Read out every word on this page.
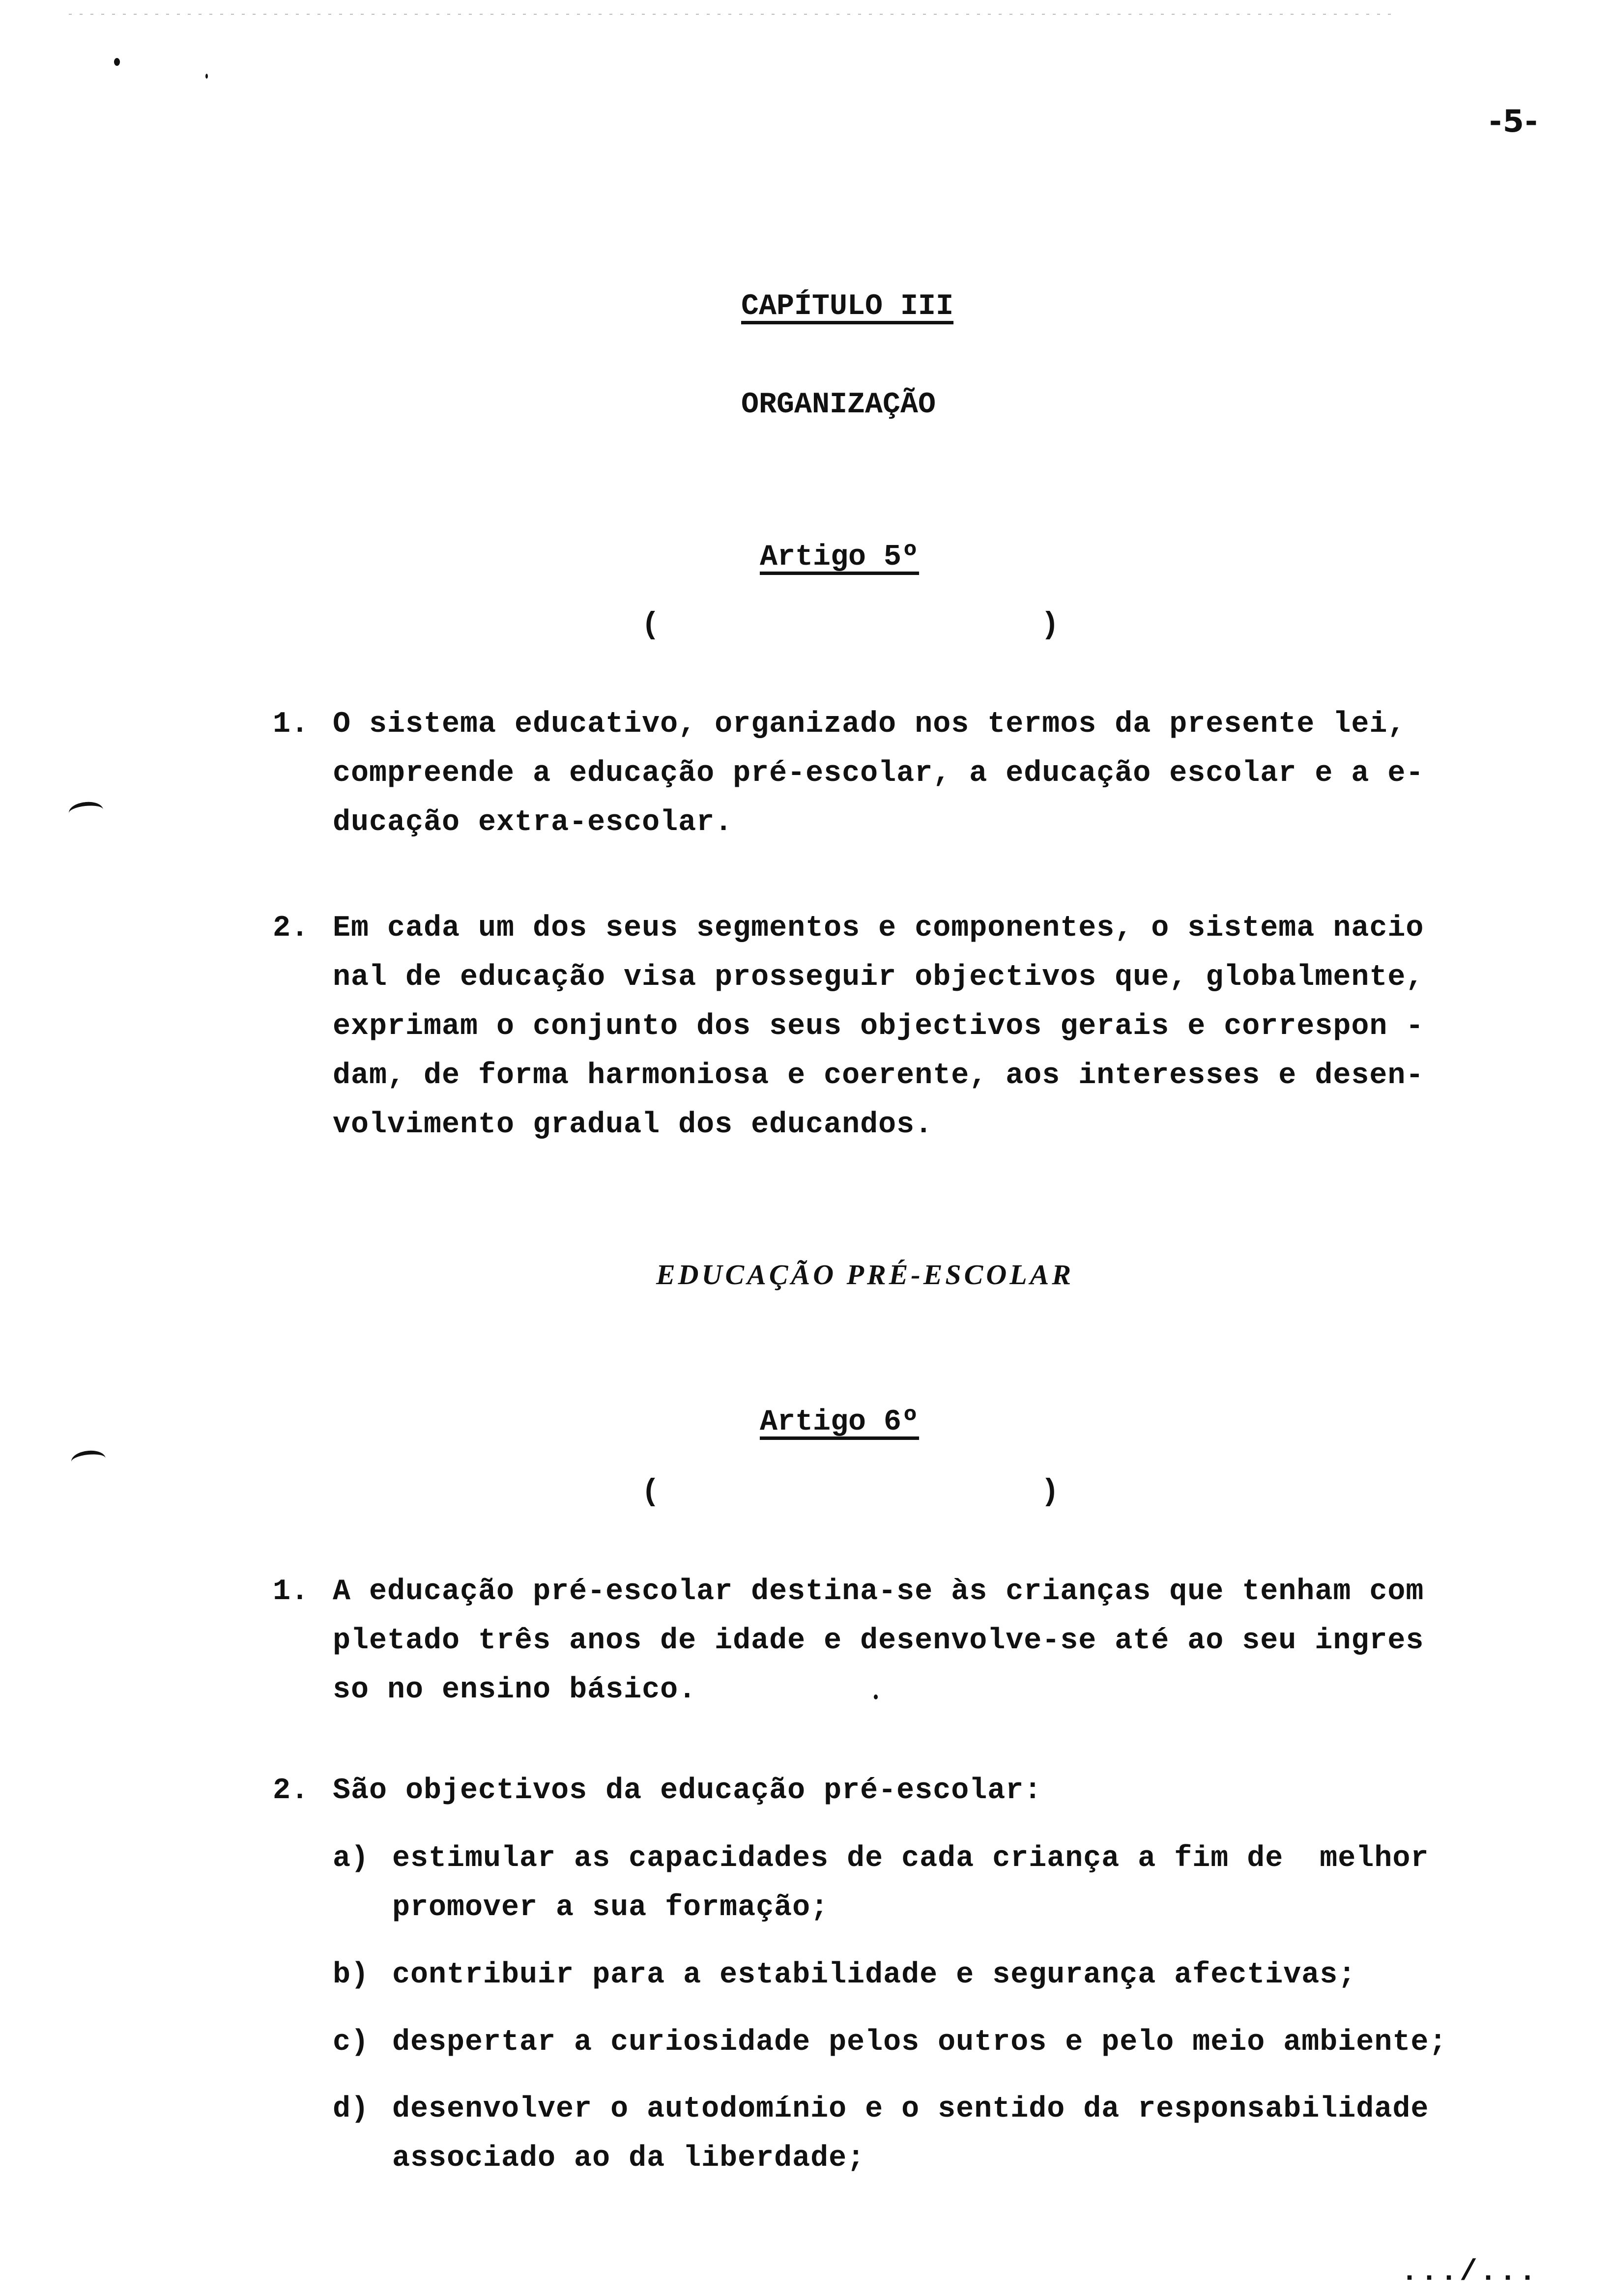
-5-
CAPÍTULO III
ORGANIZAÇÃO
Artigo 5º
(	)
1. O sistema educativo, organizado nos termos da presente lei,
compreende a educação pré-escolar, a educação escolar e a e-
ducação extra-escolar.
2. Em cada um dos seus segmentos e componentes, o sistema nacio
nal de educação visa prosseguir objectivos que, globalmente,
exprimam o conjunto dos seus objectivos gerais e correspon -
dam, de forma harmoniosa e coerente, aos interesses e desen-
volvimento gradual dos educandos.
EDUCAÇÃO PRÉ-ESCOLAR
Artigo 6º
(	)
1. A educação pré-escolar destina-se às crianças que tenham com
pletado três anos de idade e desenvolve-se até ao seu ingres
so no ensino básico.
2. São objectivos da educação pré-escolar:
a) estimular as capacidades de cada criança a fim de  melhor
promover a sua formação;
b) contribuir para a estabilidade e segurança afectivas;
c) despertar a curiosidade pelos outros e pelo meio ambiente;
d) desenvolver o autodomínio e o sentido da responsabilidade
associado ao da liberdade;
.../...
